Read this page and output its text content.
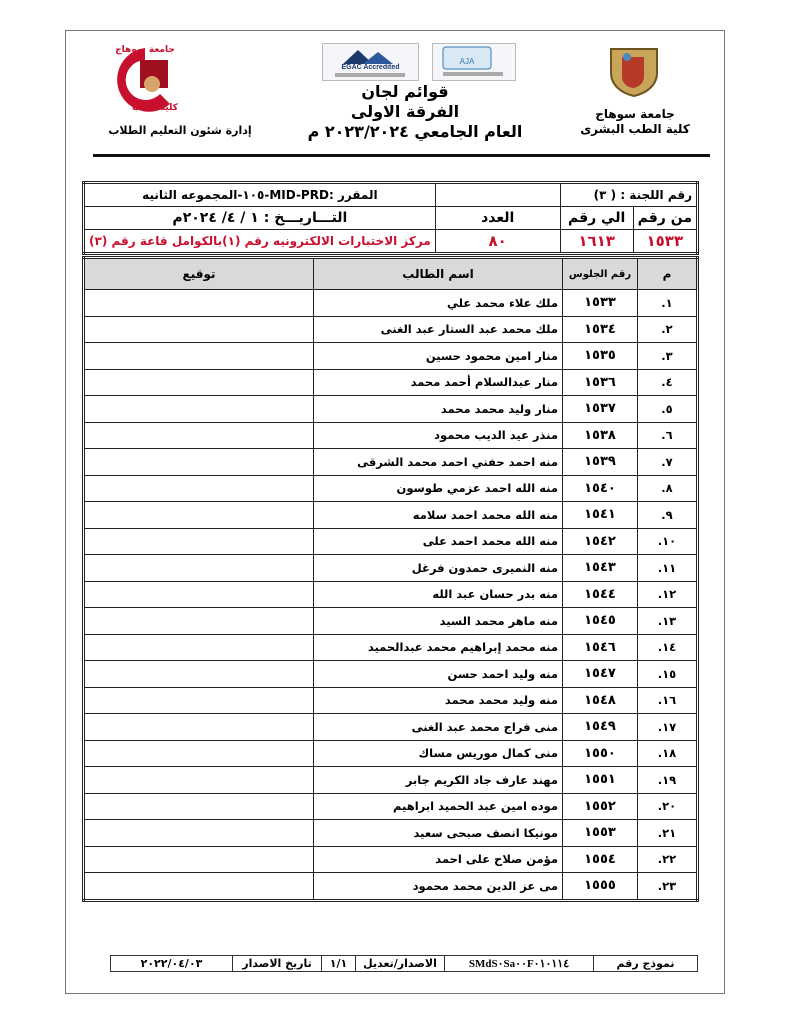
جامعة سوهاج
كلية الطب البشرى
EGAC Accredited
AJA
قوائم لجان
الفرقة الاولى
العام الجامعي ٢٠٢٣/٢٠٢٤ م
جامعة سوهاج
كلية الطب
إدارة شئون التعليم الطلاب
رقم اللجنة : ( ٣)			المقرر :MID-PRD-١٠٥-المجموعه الثانيه
من رقم	الي رقم	العدد	التـــاريـــخ : ١ / ٤/ ٢٠٢٤م
١٥٣٣	١٦١٣	٨٠	مركز الاختبارات الالكترونيه رقم (١)بالكوامل قاعة رقم (٣)
م	رقم الجلوس	اسم الطالب	توقيع
١.	١٥٣٣	ملك علاء محمد علي	
٢.	١٥٣٤	ملك محمد عبد الستار عبد الغنى	
٣.	١٥٣٥	منار امين محمود حسين	
٤.	١٥٣٦	منار عبدالسلام أحمد محمد	
٥.	١٥٣٧	منار وليد محمد محمد	
٦.	١٥٣٨	منذر عيد الديب محمود	
٧.	١٥٣٩	منه احمد حفني احمد محمد الشرقى	
٨.	١٥٤٠	منه الله احمد عزمي طوسون	
٩.	١٥٤١	منه الله محمد احمد سلامه	
١٠.	١٥٤٢	منه الله محمد احمد على	
١١.	١٥٤٣	منه النميرى حمدون فرغل	
١٢.	١٥٤٤	منه بدر حسان عبد الله	
١٣.	١٥٤٥	منه ماهر محمد السيد	
١٤.	١٥٤٦	منه محمد إبراهيم محمد عبدالحميد	
١٥.	١٥٤٧	منه وليد احمد حسن	
١٦.	١٥٤٨	منه وليد محمد محمد	
١٧.	١٥٤٩	منى فراج محمد عبد الغنى	
١٨.	١٥٥٠	منى كمال موريس مساك	
١٩.	١٥٥١	مهند عارف جاد الكريم جابر	
٢٠.	١٥٥٢	موده امين عبد الحميد ابراهيم	
٢١.	١٥٥٣	مونيكا انصف صبحى سعيد	
٢٢.	١٥٥٤	مؤمن صلاح على احمد	
٢٣.	١٥٥٥	مى عز الدين محمد محمود	
نموذج رقم	SMdS٠Sa٠٠F٠١٠١١٤	الاصدار/تعديل	١/١	تاريخ الاصدار	٢٠٢٢/٠٤/٠٣
